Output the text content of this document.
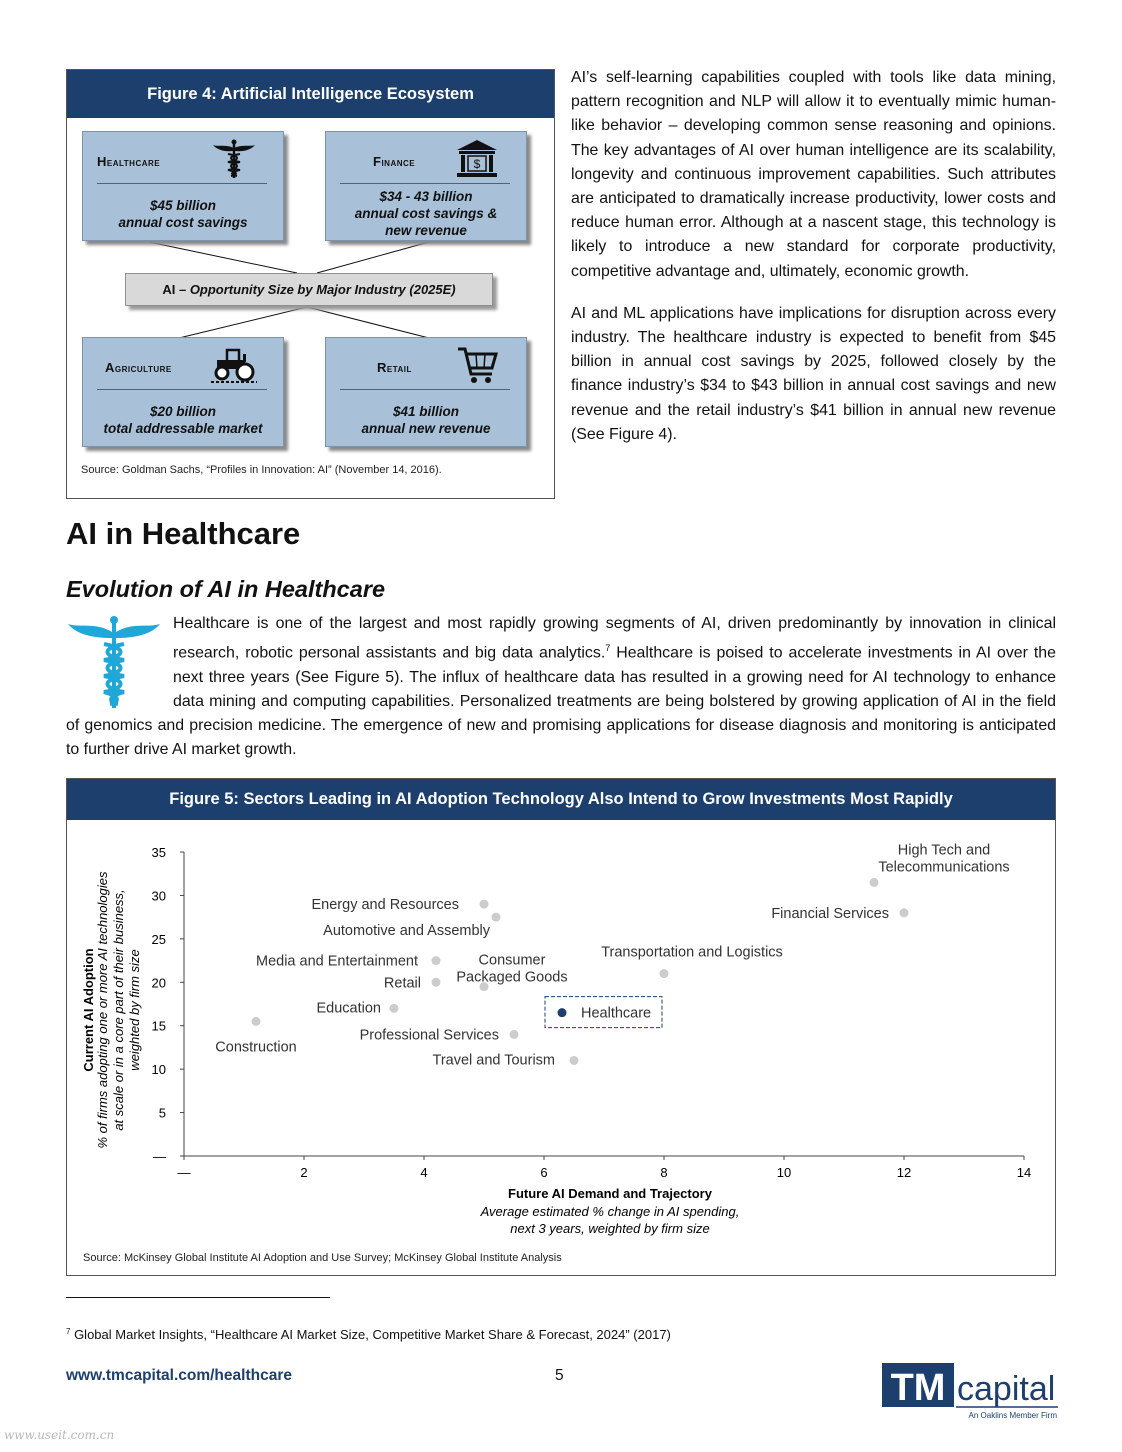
Figure 4: Artificial Intelligence Ecosystem
Healthcare
$45 billion
annual cost savings
Finance	$
$34 - 43 billion
annual cost savings &
new revenue
AI – Opportunity Size by Major Industry (2025E)
Agriculture
$20 billion
total addressable market
Retail
$41 billion
annual new revenue
Source: Goldman Sachs, “Profiles in Innovation: AI” (November 14, 2016).

AI’s self-learning capabilities coupled with tools like data mining, pattern recognition and NLP will allow it to eventually mimic human-like behavior – developing common sense reasoning and opinions. The key advantages of AI over human intelligence are its scalability, longevity and continuous improvement capabilities. Such attributes are anticipated to dramatically increase productivity, lower costs and reduce human error. Although at a nascent stage, this technology is likely to introduce a new standard for corporate productivity, competitive advantage and, ultimately, economic growth.

AI and ML applications have implications for disruption across every industry. The healthcare industry is expected to benefit from $45 billion in annual cost savings by 2025, followed closely by the finance industry’s $34 to $43 billion in annual cost savings and new revenue and the retail industry’s $41 billion in annual new revenue (See Figure 4).

AI in Healthcare
Evolution of AI in Healthcare
Healthcare is one of the largest and most rapidly growing segments of AI, driven predominantly by innovation in clinical research, robotic personal assistants and big data analytics.$^7$ Healthcare is poised to accelerate investments in AI over the next three years (See Figure 5). The influx of healthcare data has resulted in a growing need for AI technology to enhance data mining and computing capabilities. Personalized treatments are being bolstered by growing application of AI in the field of genomics and precision medicine. The emergence of new and promising applications for disease diagnosis and monitoring is anticipated to further drive AI market growth.
Figure 5: Sectors Leading in AI Adoption Technology Also Intend to Grow Investments Most Rapidly
—
5
10
15
20
25
30
35
—	2	4	6	8	10	12	14
High Tech and
Telecommunications
Financial Services
Energy and Resources
Automotive and Assembly
Media and Entertainment
Retail
Consumer
Packaged Goods
Transportation and Logistics
Healthcare
Education
Construction
Professional Services
Travel and Tourism
Future AI Demand and Trajectory
Average estimated % change in AI spending,
next 3 years, weighted by firm size
Current AI Adoption % of firms adopting one or more AI technologies at scale or in a core part of their business, weighted by firm size
Source: McKinsey Global Institute AI Adoption and Use Survey; McKinsey Global Institute Analysis
$^7$ Global Market Insights, “Healthcare AI Market Size, Competitive Market Share & Forecast, 2024” (2017)
www.tmcapital.com/healthcare	5	TM capital
An Oaklins Member Firm
www.useit.com.cn
